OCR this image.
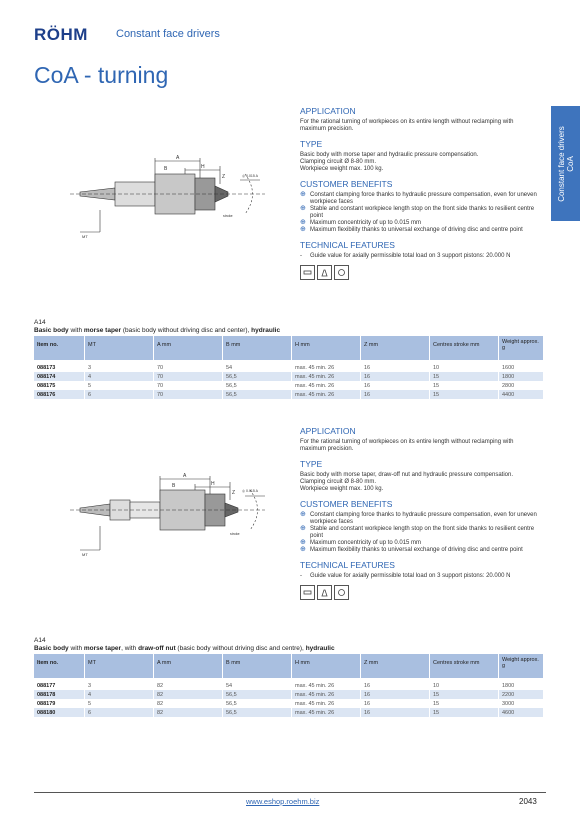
RÖHM	Constant face drivers
CoA - turning
Constant face drivers CoA
A
H
Z
B
MT
◎ 0.015 A
stroke
APPLICATION
For the rational turning of workpieces on its entire length without reclamping with maximum precision.
TYPE
Basic body with morse taper and hydraulic pressure compensation.
Clamping circuit Ø 8-80 mm.
Workpiece weight max. 100 kg.
CUSTOMER BENEFITS
⊕ Constant clamping force thanks to hydraulic pressure compensation, even for uneven workpiece faces
⊕ Stable and constant workpiece length stop on the front side thanks to resilient centre point
⊕ Maximum concentricity of up to 0.015 mm
⊕ Maximum flexibility thanks to universal exchange of driving disc and centre point
TECHNICAL FEATURES
- Guide value for axially permissible total load on 3 support pistons: 20.000 N
A14
Basic body with morse taper (basic body without driving disc and center), hydraulic
Item no.	MT	A mm	B mm	H mm	Z mm	Centres stroke mm	Weight approx. g

088173	3	70	54	max. 45 min. 26	16	10	1600
088174	4	70	56,5	max. 45 min. 26	16	15	1800
088175	5	70	56,5	max. 45 min. 26	16	15	2800
088176	6	70	56,5	max. 45 min. 26	16	15	4400
A
H
Z
B
MT
◎ 0.015 A
stroke
APPLICATION
For the rational turning of workpieces on its entire length without reclamping with maximum precision.
TYPE
Basic body with morse taper, draw-off nut and hydraulic pressure compensation.
Clamping circuit Ø 8-80 mm.
Workpiece weight max. 100 kg.
CUSTOMER BENEFITS
⊕ Constant clamping force thanks to hydraulic pressure compensation, even for uneven workpiece faces
⊕ Stable and constant workpiece length stop on the front side thanks to resilient centre point
⊕ Maximum concentricity of up to 0.015 mm
⊕ Maximum flexibility thanks to universal exchange of driving disc and centre point
TECHNICAL FEATURES
- Guide value for axially permissible total load on 3 support pistons: 20.000 N
A14
Basic body with morse taper, with draw-off nut (basic body without driving disc and centre), hydraulic
Item no.	MT	A mm	B mm	H mm	Z mm	Centres stroke mm	Weight approx. g

088177	3	82	54	max. 45 min. 26	16	10	1800
088178	4	82	56,5	max. 45 min. 26	16	15	2200
088179	5	82	56,5	max. 45 min. 26	16	15	3000
088180	6	82	56,5	max. 45 min. 26	16	15	4600
www.eshop.roehm.biz	2043
